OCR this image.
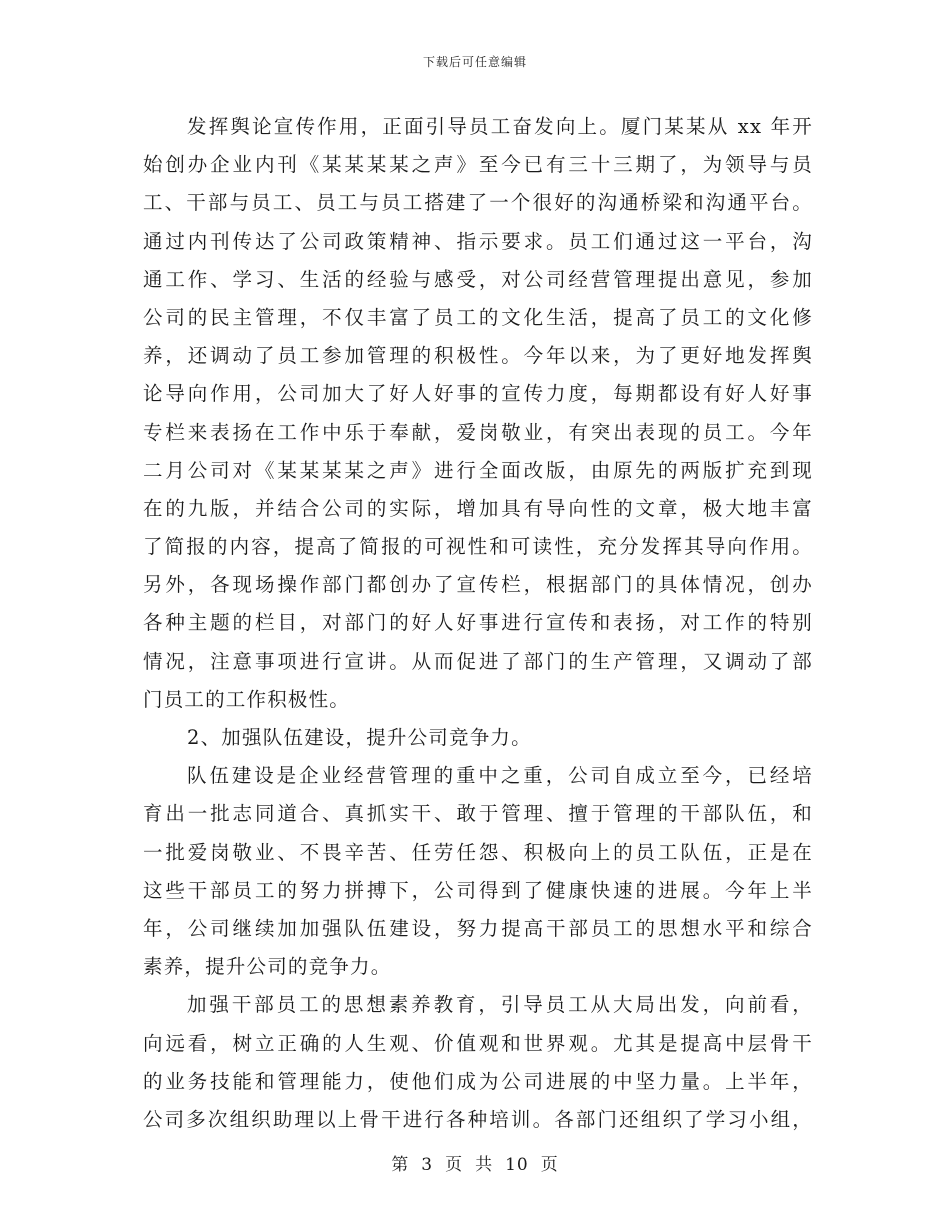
下载后可任意编辑
发挥舆论宣传作用，正面引导员工奋发向上。厦门某某从 xx 年开
始创办企业内刊《某某某某之声》至今已有三十三期了，为领导与员
工、干部与员工、员工与员工搭建了一个很好的沟通桥梁和沟通平台。
通过内刊传达了公司政策精神、指示要求。员工们通过这一平台，沟
通工作、学习、生活的经验与感受，对公司经营管理提出意见，参加
公司的民主管理，不仅丰富了员工的文化生活，提高了员工的文化修
养，还调动了员工参加管理的积极性。今年以来，为了更好地发挥舆
论导向作用，公司加大了好人好事的宣传力度，每期都设有好人好事
专栏来表扬在工作中乐于奉献，爱岗敬业，有突出表现的员工。今年
二月公司对《某某某某之声》进行全面改版，由原先的两版扩充到现
在的九版，并结合公司的实际，增加具有导向性的文章，极大地丰富
了简报的内容，提高了简报的可视性和可读性，充分发挥其导向作用。
另外，各现场操作部门都创办了宣传栏，根据部门的具体情况，创办
各种主题的栏目，对部门的好人好事进行宣传和表扬，对工作的特别
情况，注意事项进行宣讲。从而促进了部门的生产管理，又调动了部
门员工的工作积极性。
2、加强队伍建设，提升公司竞争力。
队伍建设是企业经营管理的重中之重，公司自成立至今，已经培
育出一批志同道合、真抓实干、敢于管理、擅于管理的干部队伍，和
一批爱岗敬业、不畏辛苦、任劳任怨、积极向上的员工队伍，正是在
这些干部员工的努力拼搏下，公司得到了健康快速的进展。今年上半
年，公司继续加加强队伍建设，努力提高干部员工的思想水平和综合
素养，提升公司的竞争力。
加强干部员工的思想素养教育，引导员工从大局出发，向前看，
向远看，树立正确的人生观、价值观和世界观。尤其是提高中层骨干
的业务技能和管理能力，使他们成为公司进展的中坚力量。上半年，
公司多次组织助理以上骨干进行各种培训。各部门还组织了学习小组，
第 3 页 共 10 页
